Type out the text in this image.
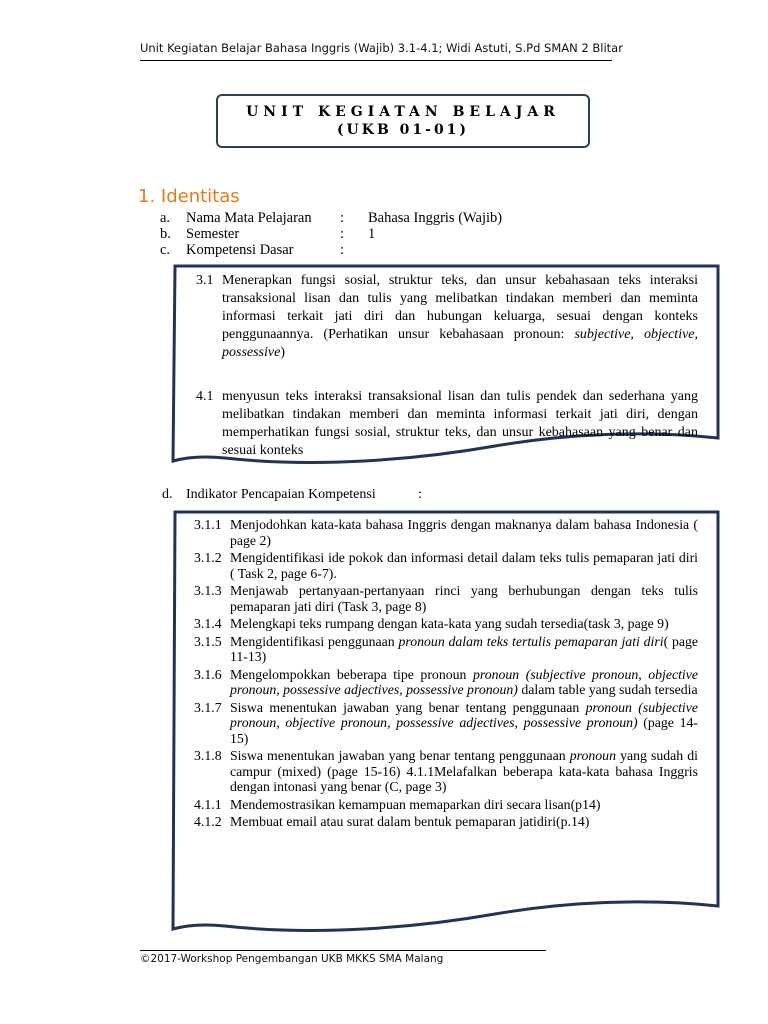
Unit Kegiatan Belajar Bahasa Inggris (Wajib) 3.1-4.1; Widi Astuti, S.Pd SMAN 2 Blitar
UNIT KEGIATAN BELAJAR
(UKB 01-01)
1. Identitas
a. Nama Mata Pelajaran : Bahasa Inggris (Wajib)
b. Semester	: 1
c. Kompetensi Dasar	:

3.1 Menerapkan fungsi sosial, struktur teks, dan unsur kebahasaan teks interaksi transaksional lisan dan tulis yang melibatkan tindakan memberi dan meminta informasi terkait jati diri dan hubungan keluarga, sesuai dengan konteks penggunaannya. (Perhatikan unsur kebahasaan pronoun: subjective, objective, possessive)

4.1 menyusun teks interaksi transaksional lisan dan tulis pendek dan sederhana yang melibatkan tindakan memberi dan meminta informasi terkait jati diri, dengan memperhatikan fungsi sosial, struktur teks, dan unsur kebahasaan yang benar dan sesuai konteks

d. Indikator Pencapaian Kompetensi	:
3.1.1 Menjodohkan kata-kata bahasa Inggris dengan maknanya dalam bahasa Indonesia ( page 2)
3.1.2 Mengidentifikasi ide pokok dan informasi detail dalam teks tulis pemaparan jati diri ( Task 2, page 6-7).
3.1.3 Menjawab pertanyaan-pertanyaan rinci yang berhubungan dengan teks tulis pemaparan jati diri (Task 3, page 8)
3.1.4 Melengkapi teks rumpang dengan kata-kata yang sudah tersedia(task 3, page 9)
3.1.5 Mengidentifikasi penggunaan pronoun dalam teks tertulis pemaparan jati diri( page 11-13)
3.1.6 Mengelompokkan beberapa tipe pronoun pronoun (subjective pronoun, objective pronoun, possessive adjectives, possessive pronoun) dalam table yang sudah tersedia
3.1.7 Siswa menentukan jawaban yang benar tentang penggunaan pronoun (subjective pronoun, objective pronoun, possessive adjectives, possessive pronoun) (page 14-15)
3.1.8 Siswa menentukan jawaban yang benar tentang penggunaan pronoun yang sudah di campur (mixed) (page 15-16) 4.1.1Melafalkan beberapa kata-kata bahasa Inggris dengan intonasi yang benar (C, page 3)
4.1.1 Mendemostrasikan kemampuan memaparkan diri secara lisan(p14)
4.1.2 Membuat email atau surat dalam bentuk pemaparan jatidiri(p.14)
©2017-Workshop Pengembangan UKB MKKS SMA Malang
